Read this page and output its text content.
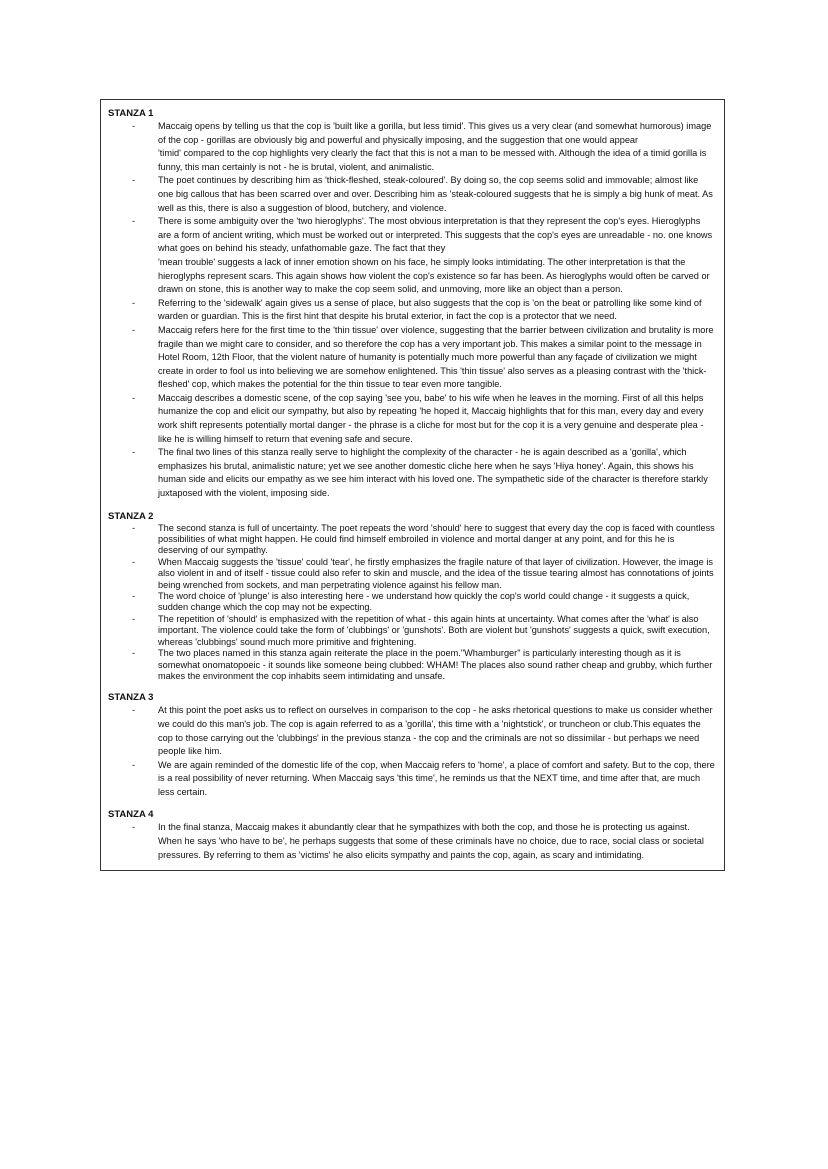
STANZA 1
- Maccaig opens by telling us that the cop is 'built like a gorilla, but less timid'. This gives us a very clear (and somewhat humorous) image of the cop - gorillas are obviously big and powerful and physically imposing, and the suggestion that one would appear

'timid' compared to the cop highlights very clearly the fact that this is not a man to be messed with. Although the idea of a timid gorilla is funny, this man certainly is not - he is brutal, violent, and animalistic.

- The poet continues by describing him as 'thick-fleshed, steak-coloured'. By doing so, the cop seems solid and immovable; almost like one big callous that has been scarred over and over. Describing him as 'steak-coloured suggests that he is simply a big hunk of meat. As well as this, there is also a suggestion of blood, butchery, and violence.

- There is some ambiguity over the 'two hieroglyphs'. The most obvious interpretation is that they represent the cop's eyes. Hieroglyphs are a form of ancient writing, which must be worked out or interpreted. This suggests that the cop's eyes are unreadable - no. one knows what goes on behind his steady, unfathomable gaze. The fact that they

'mean trouble' suggests a lack of inner emotion shown on his face, he simply looks intimidating. The other interpretation is that the hieroglyphs represent scars. This again shows how violent the cop's existence so far has been. As hieroglyphs would often be carved or drawn on stone, this is another way to make the cop seem solid, and unmoving, more like an object than a person.

- Referring to the 'sidewalk' again gives us a sense of place, but also suggests that the cop is 'on the beat or patrolling like some kind of warden or guardian. This is the first hint that despite his brutal exterior, in fact the cop is a protector that we need.

- Maccaig refers here for the first time to the 'thin tissue' over violence, suggesting that the barrier between civilization and brutality is more fragile than we might care to consider, and so therefore the cop has a very important job. This makes a similar point to the message in Hotel Room, 12th Floor, that the violent nature of humanity is potentially much more powerful than any façade of civilization we might create in order to fool us into believing we are somehow enlightened. This 'thin tissue' also serves as a pleasing contrast with the 'thick-fleshed' cop, which makes the potential for the thin tissue to tear even more tangible.

- Maccaig describes a domestic scene, of the cop saying 'see you, babe' to his wife when he leaves in the morning. First of all this helps humanize the cop and elicit our sympathy, but also by repeating 'he hoped it, Maccaig highlights that for this man, every day and every work shift represents potentially mortal danger - the phrase is a cliche for most but for the cop it is a very genuine and desperate plea - like he is willing himself to return that evening safe and secure.

- The final two lines of this stanza really serve to highlight the complexity of the character - he is again described as a 'gorilla', which emphasizes his brutal, animalistic nature; yet we see another domestic cliche here when he says 'Hiya honey'. Again, this shows his human side and elicits our empathy as we see him interact with his loved one. The sympathetic side of the character is therefore starkly juxtaposed with the violent, imposing side.

STANZA 2
- The second stanza is full of uncertainty. The poet repeats the word 'should' here to suggest that every day the cop is faced with countless possibilities of what might happen. He could find himself embroiled in violence and mortal danger at any point, and for this he is deserving of our sympathy.

- When Maccaig suggests the 'tissue' could 'tear', he firstly emphasizes the fragile nature of that layer of civilization. However, the image is also violent in and of itself - tissue could also refer to skin and muscle, and the idea of the tissue tearing almost has connotations of joints being wrenched from sockets, and man perpetrating violence against his fellow man.

- The word choice of 'plunge' is also interesting here - we understand how quickly the cop's world could change - it suggests a quick, sudden change which the cop may not be expecting.

- The repetition of 'should' is emphasized with the repetition of what - this again hints at uncertainty. What comes after the 'what' is also important. The violence could take the form of 'clubbings' or 'gunshots'. Both are violent but 'gunshots' suggests a quick, swift execution, whereas 'clubbings' sound much more primitive and frightening.

- The two places named in this stanza again reiterate the place in the poem."Whamburger" is particularly interesting though as it is somewhat onomatopoeic - it sounds like someone being clubbed: WHAM! The places also sound rather cheap and grubby, which further makes the environment the cop inhabits seem intimidating and unsafe.

STANZA 3
- At this point the poet asks us to reflect on ourselves in comparison to the cop - he asks rhetorical questions to make us consider whether we could do this man's job. The cop is again referred to as a 'gorilla', this time with a 'nightstick', or truncheon or club.This equates the cop to those carrying out the 'clubbings' in the previous stanza - the cop and the criminals are not so dissimilar - but perhaps we need people like him.

- We are again reminded of the domestic life of the cop, when Maccaig refers to 'home', a place of comfort and safety. But to the cop, there is a real possibility of never returning. When Maccaig says 'this time', he reminds us that the NEXT time, and time after that, are much less certain.

STANZA 4
- In the final stanza, Maccaig makes it abundantly clear that he sympathizes with both the cop, and those he is protecting us against. When he says 'who have to be', he perhaps suggests that some of these criminals have no choice, due to race, social class or societal pressures. By referring to them as 'victims' he also elicits sympathy and paints the cop, again, as scary and intimidating.
